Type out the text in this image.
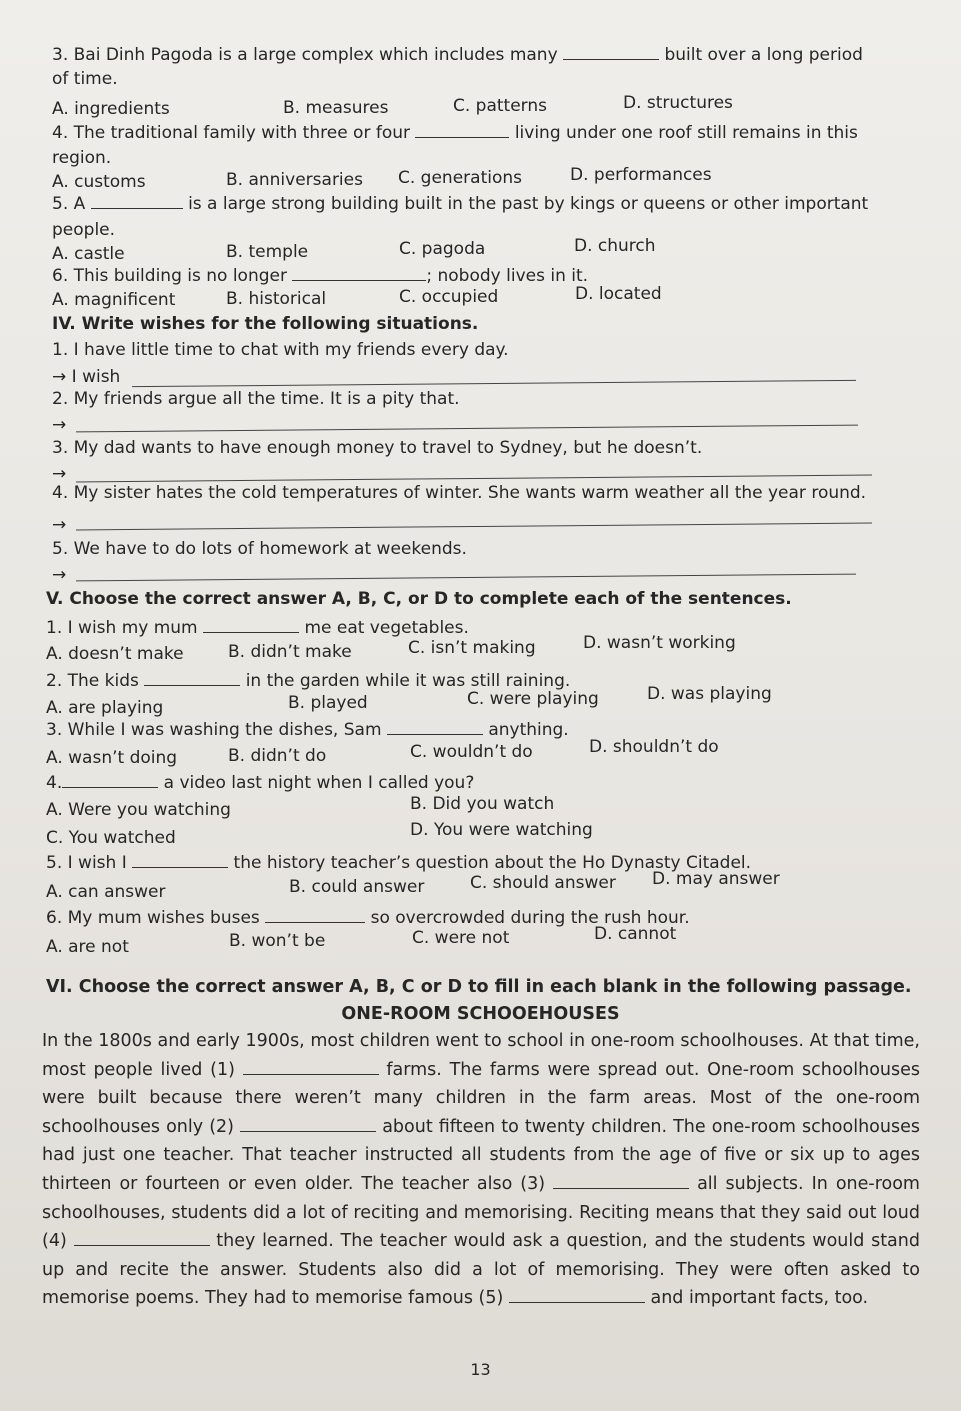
3. Bai Dinh Pagoda is a large complex which includes many	built over a long period
of time.
A. ingredients	B. measures	C. patterns	D. structures
4. The traditional family with three or four	living under one roof still remains in this
region.
A. customs	B. anniversaries C. generations	D. performances
5. A	is a large strong building built in the past by kings or queens or other important
people.
A. castle	B. temple	C. pagoda	D. church
6. This building is no longer	; nobody lives in it.
A. magnificent	B. historical	C. occupied	D. located
IV. Write wishes for the following situations.
1. I have little time to chat with my friends every day.
→ I wish
2. My friends argue all the time. It is a pity that.
→
3. My dad wants to have enough money to travel to Sydney, but he doesn’t.
→
4. My sister hates the cold temperatures of winter. She wants warm weather all the year round.
→
5. We have to do lots of homework at weekends.
→
V. Choose the correct answer A, B, C, or D to complete each of the sentences.
1. I wish my mum	me eat vegetables.
A. doesn’t make	B. didn’t make	C. isn’t making	D. wasn’t working
2. The kids	in the garden while it was still raining.
A. are playing	B. played	C. were playing	D. was playing
3. While I was washing the dishes, Sam	anything.
A. wasn’t doing	B. didn’t do	C. wouldn’t do	D. shouldn’t do
4.	a video last night when I called you?
A. Were you watching	B. Did you watch
C. You watched	D. You were watching
5. I wish I	the history teacher’s question about the Ho Dynasty Citadel.
A. can answer	B. could answer	C. should answer D. may answer
6. My mum wishes buses	so overcrowded during the rush hour.
A. are not	B. won’t be	C. were not	D. cannot
VI. Choose the correct answer A, B, C or D to fill in each blank in the following passage.
ONE-ROOM SCHOOEHOUSES
In the 1800s and early 1900s, most children went to school in one-room schoolhouses. At that time, most people lived (1)	farms. The farms were spread out. One-room schoolhouses were built because there weren’t many children in the farm areas. Most of the one-room schoolhouses only (2)	about fifteen to twenty children. The one-room schoolhouses had just one teacher. That teacher instructed all students from the age of five or six up to ages thirteen or fourteen or even older. The teacher also (3)	all subjects. In one-room schoolhouses, students did a lot of reciting and memorising. Reciting means that they said out loud (4)	they learned. The teacher would ask a question, and the students would stand up and recite the answer. Students also did a lot of memorising. They were often asked to memorise poems. They had to memorise famous (5)	and important facts, too.
13
